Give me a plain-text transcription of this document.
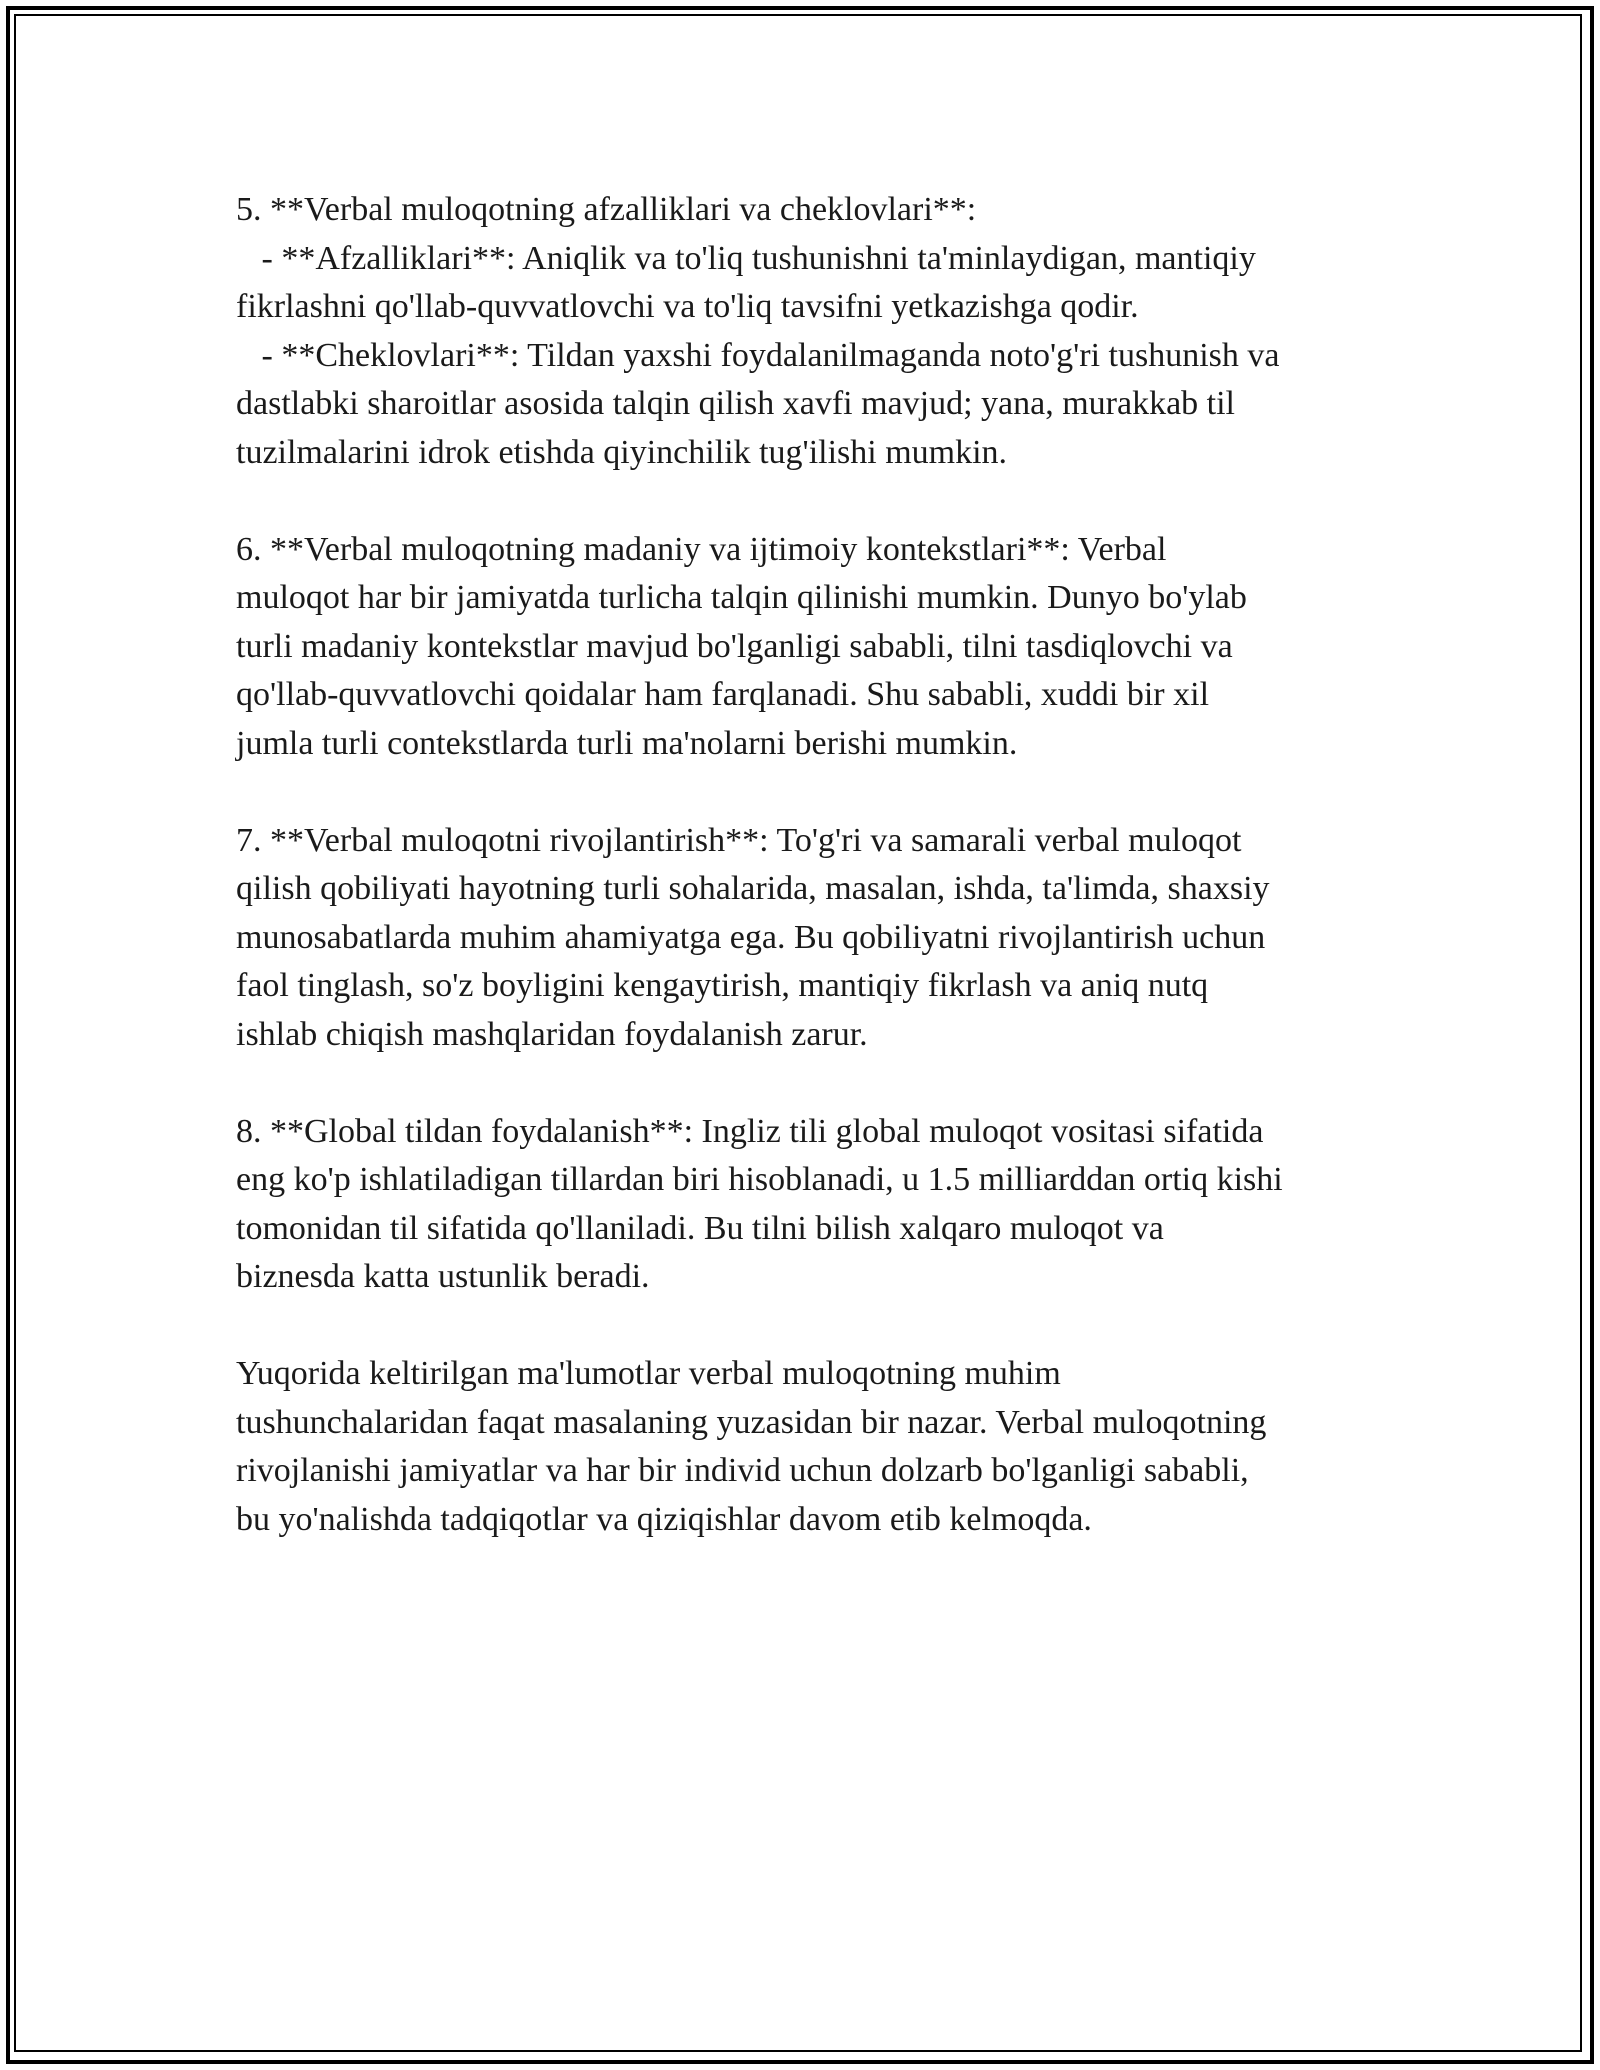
5. **Verbal muloqotning afzalliklari va cheklovlari**:
- **Afzalliklari**: Aniqlik va to'liq tushunishni ta'minlaydigan, mantiqiy
fikrlashni qo'llab-quvvatlovchi va to'liq tavsifni yetkazishga qodir.
- **Cheklovlari**: Tildan yaxshi foydalanilmaganda noto'g'ri tushunish va
dastlabki sharoitlar asosida talqin qilish xavfi mavjud; yana, murakkab til
tuzilmalarini idrok etishda qiyinchilik tug'ilishi mumkin.
6. **Verbal muloqotning madaniy va ijtimoiy kontekstlari**: Verbal
muloqot har bir jamiyatda turlicha talqin qilinishi mumkin. Dunyo bo'ylab
turli madaniy kontekstlar mavjud bo'lganligi sababli, tilni tasdiqlovchi va
qo'llab-quvvatlovchi qoidalar ham farqlanadi. Shu sababli, xuddi bir xil
jumla turli contekstlarda turli ma'nolarni berishi mumkin.
7. **Verbal muloqotni rivojlantirish**: To'g'ri va samarali verbal muloqot
qilish qobiliyati hayotning turli sohalarida, masalan, ishda, ta'limda, shaxsiy
munosabatlarda muhim ahamiyatga ega. Bu qobiliyatni rivojlantirish uchun
faol tinglash, so'z boyligini kengaytirish, mantiqiy fikrlash va aniq nutq
ishlab chiqish mashqlaridan foydalanish zarur.
8. **Global tildan foydalanish**: Ingliz tili global muloqot vositasi sifatida
eng ko'p ishlatiladigan tillardan biri hisoblanadi, u 1.5 milliarddan ortiq kishi
tomonidan til sifatida qo'llaniladi. Bu tilni bilish xalqaro muloqot va
biznesda katta ustunlik beradi.
Yuqorida keltirilgan ma'lumotlar verbal muloqotning muhim
tushunchalaridan faqat masalaning yuzasidan bir nazar. Verbal muloqotning
rivojlanishi jamiyatlar va har bir individ uchun dolzarb bo'lganligi sababli,
bu yo'nalishda tadqiqotlar va qiziqishlar davom etib kelmoqda.
